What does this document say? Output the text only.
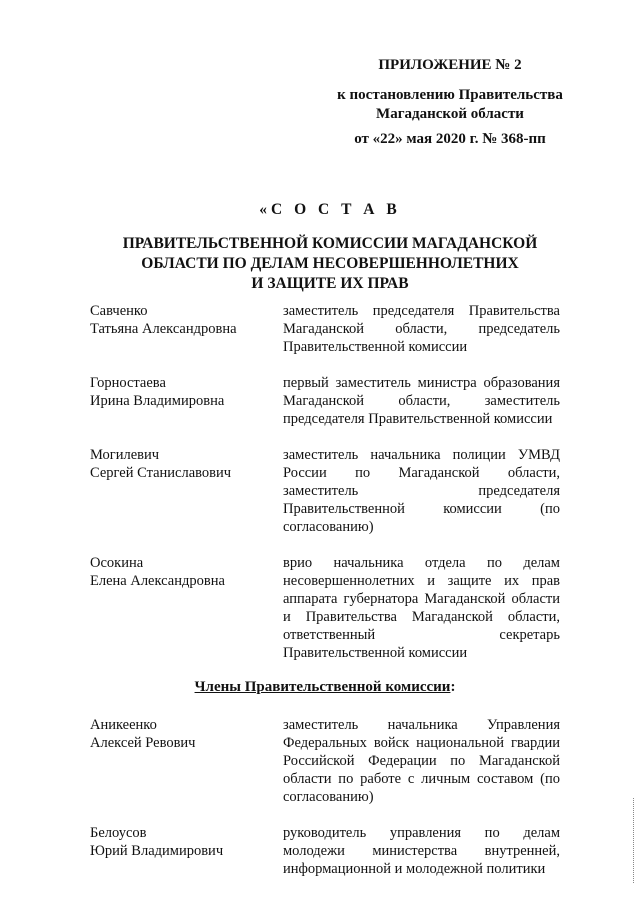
ПРИЛОЖЕНИЕ № 2
к постановлению Правительства
Магаданской области
от «22» мая 2020 г. № 368-пп
«С О С Т А В
ПРАВИТЕЛЬСТВЕННОЙ КОМИССИИ МАГАДАНСКОЙ
ОБЛАСТИ ПО ДЕЛАМ НЕСОВЕРШЕННОЛЕТНИХ
И ЗАЩИТЕ ИХ ПРАВ
Савченко
Татьяна Александровна
заместитель председателя Правительства Магаданской области, председатель Правительственной комиссии
Горностаева
Ирина Владимировна
первый заместитель министра образования Магаданской области, заместитель председателя Правительственной комиссии
Могилевич
Сергей Станиславович
заместитель начальника полиции УМВД России по Магаданской области, заместитель председателя Правительственной комиссии (по согласованию)
Осокина
Елена Александровна
врио начальника отдела по делам несовершеннолетних и защите их прав аппарата губернатора Магаданской области и Правительства Магаданской области, ответственный секретарь Правительственной комиссии
Члены Правительственной комиссии:
Аникеенко
Алексей Ревович
заместитель начальника Управления Федеральных войск национальной гвардии Российской Федерации по Магаданской области по работе с личным составом (по согласованию)
Белоусов
Юрий Владимирович
руководитель управления по делам молодежи министерства внутренней, информационной и молодежной политики
